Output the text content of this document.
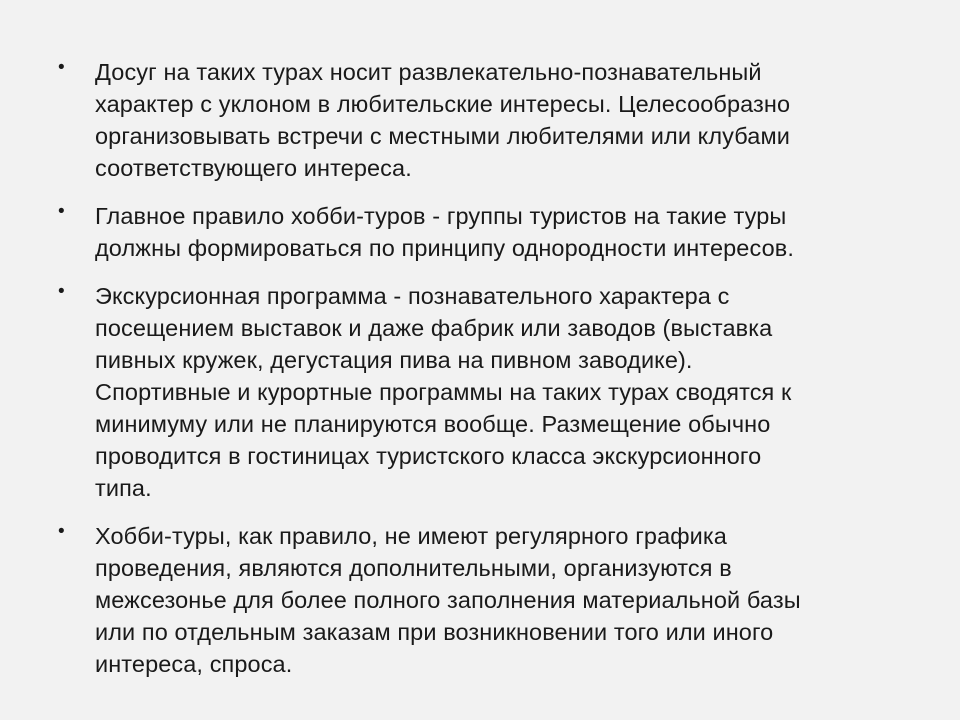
• Досуг на таких турах носит развлекательно-познавательный
характер с уклоном в любительские интересы. Целесообразно
организовывать встречи с местными любителями или клубами
соответствующего интереса.
• Главное правило хобби-туров - группы туристов на такие туры
должны формироваться по принципу однородности интересов.
• Экскурсионная программа - познавательного характера с
посещением выставок и даже фабрик или заводов (выставка
пивных кружек, дегустация пива на пивном заводике).
Спортивные и курортные программы на таких турах сводятся к
минимуму или не планируются вообще. Размещение обычно
проводится в гостиницах туристского класса экскурсионного
типа.
• Хобби-туры, как правило, не имеют регулярного графика
проведения, являются дополнительными, организуются в
межсезонье для более полного заполнения материальной базы
или по отдельным заказам при возникновении того или иного
интереса, спроса.
